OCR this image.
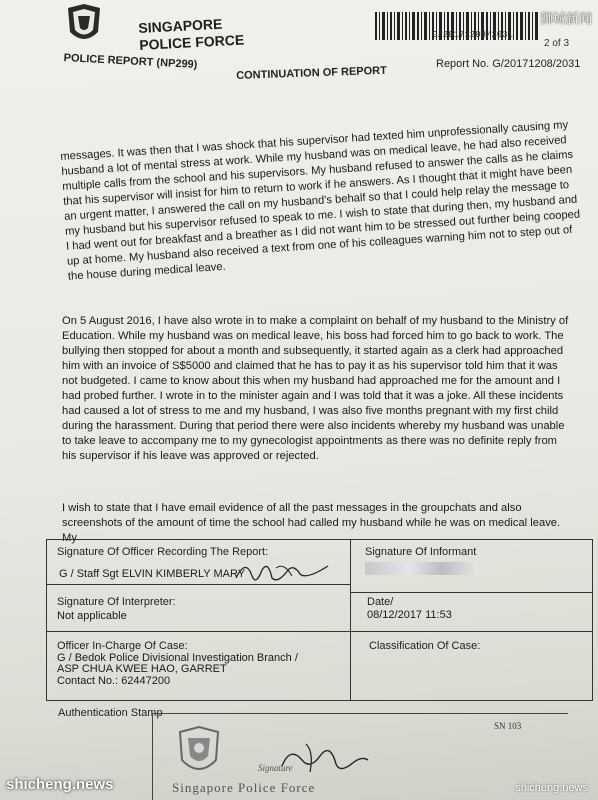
SINGAPORE
POLICE FORCE	G/20171208/2031
狮城新闻
2 of 3
POLICE REPORT (NP299)
CONTINUATION OF REPORT
Report No. G/20171208/2031

messages. It was then that I was shock that his supervisor had texted him unprofessionally causing my husband a lot of mental stress at work. While my husband was on medical leave, he had also received multiple calls from the school and his supervisors. My husband refused to answer the calls as he claims that his supervisor will insist for him to return to work if he answers. As I thought that it might have been an urgent matter, I answered the call on my husband's behalf so that I could help relay the message to my husband but his supervisor refused to speak to me. I wish to state that during then, my husband and I had went out for breakfast and a breather as I did not want him to be stressed out further being cooped up at home. My husband also received a text from one of his colleagues warning him not to step out of the house during medical leave.

On 5 August 2016, I have also wrote in to make a complaint on behalf of my husband to the Ministry of Education. While my husband was on medical leave, his boss had forced him to go back to work. The bullying then stopped for about a month and subsequently, it started again as a clerk had approached him with an invoice of S$5000 and claimed that he has to pay it as his supervisor told him that it was not budgeted. I came to know about this when my husband had approached me for the amount and I had probed further. I wrote in to the minister again and I was told that it was a joke. All these incidents had caused a lot of stress to me and my husband, I was also five months pregnant with my first child during the harassment. During that period there were also incidents whereby my husband was unable to take leave to accompany me to my gynecologist appointments as there was no definite reply from his supervisor if his leave was approved or rejected.

I wish to state that I have email evidence of all the past messages in the groupchats and also screenshots of the amount of time the school had called my husband while he was on medical leave. My

Signature Of Officer Recording The Report:
G / Staff Sgt ELVIN KIMBERLY MARY
Signature Of Interpreter:
Not applicable
Officer In-Charge Of Case:
G / Bedok Police Divisional Investigation Branch /
ASP CHUA KWEE HAO, GARRET
Contact No.: 62447200
Signature Of Informant
Date/
08/12/2017 11:53
Classification Of Case:
Authentication Stamp
SN 103
Signature
Singapore Police Force
shicheng.news	shicheng.news
